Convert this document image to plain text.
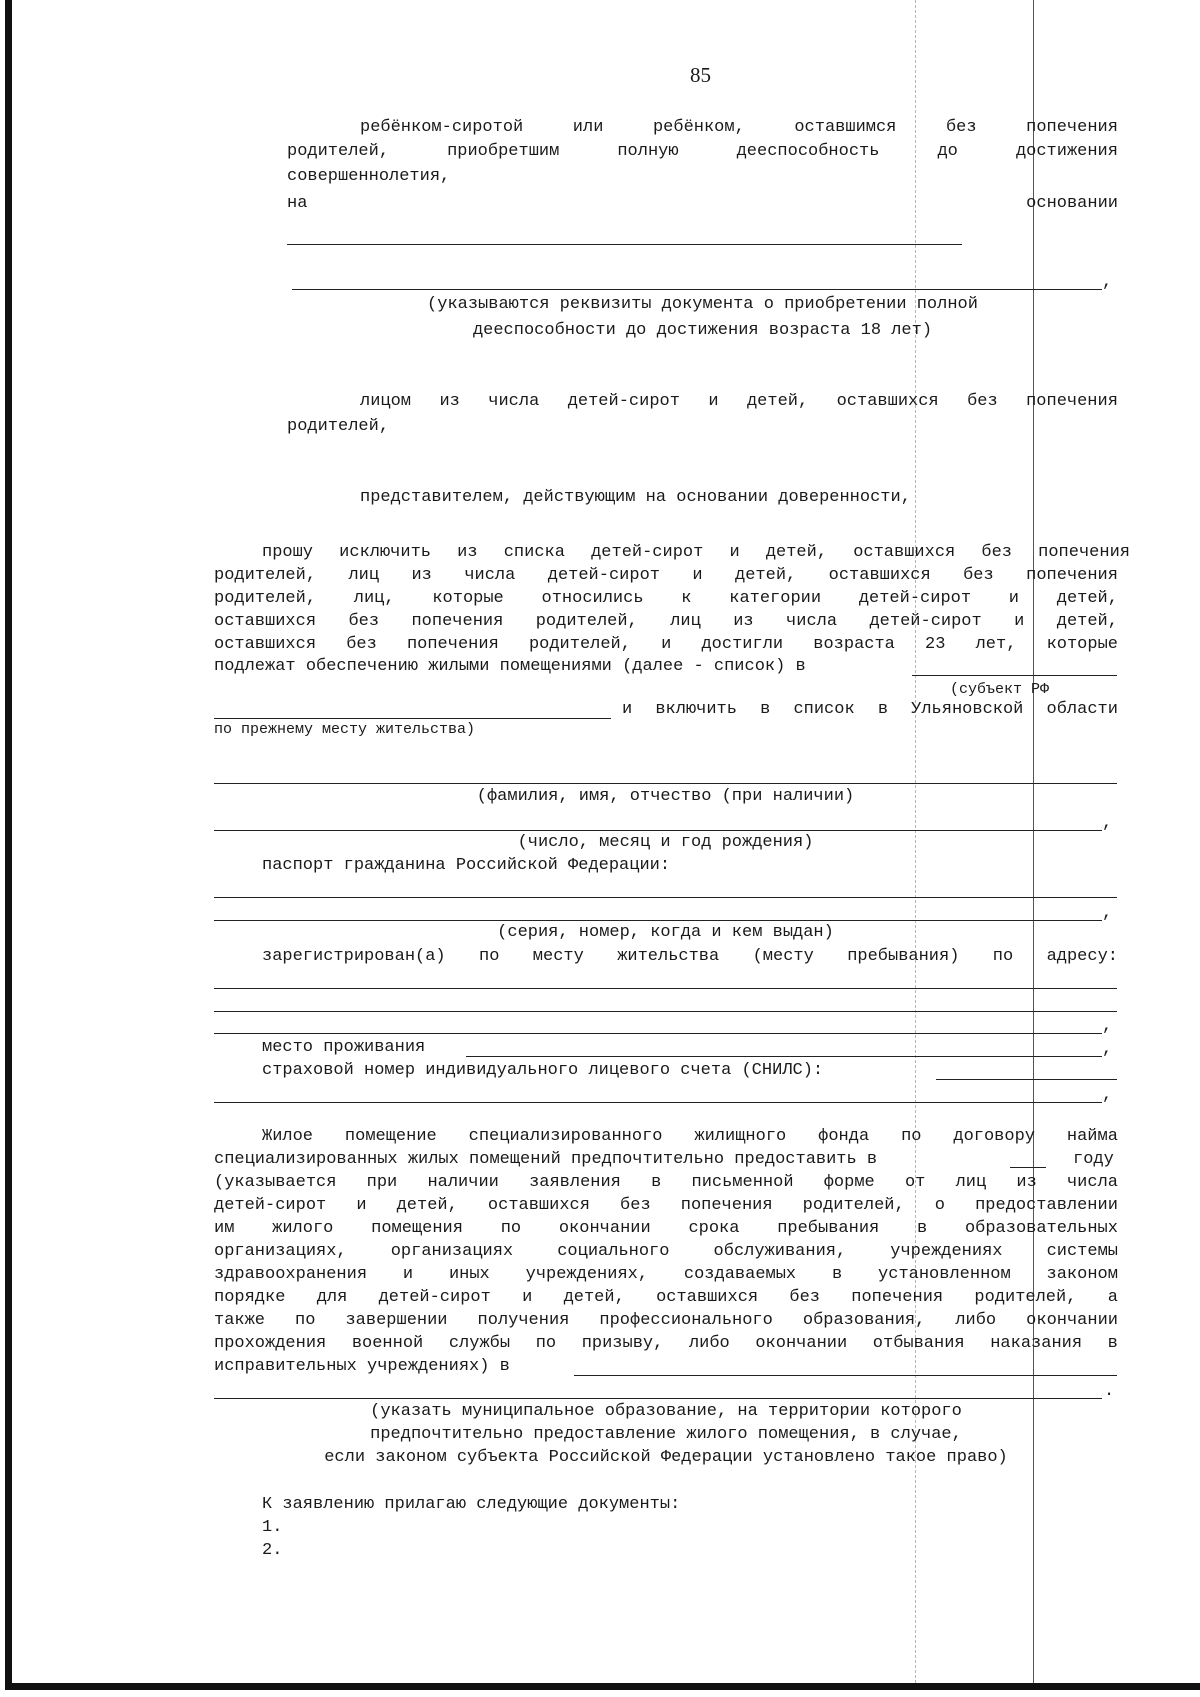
85
ребёнком-сиротой	или	ребёнком,	оставшимся	без	попечения
родителей,	приобретшим	полную	дееспособность	до	достижения
совершеннолетия,
на	основании
,
(указываются реквизиты документа о приобретении полной
дееспособности до достижения возраста 18 лет)
лицом из числа детей-сирот и детей, оставшихся без попечения
родителей,
представителем, действующим на основании доверенности,
прошу исключить из списка детей-сирот и детей, оставшихся без попечения
родителей, лиц из числа детей-сирот и детей, оставшихся без попечения
родителей, лиц, которые относились к категории детей-сирот и детей,
оставшихся без попечения родителей, лиц из числа детей-сирот и детей,
оставшихся без попечения родителей, и достигли возраста 23 лет, которые
подлежат обеспечению жилыми помещениями (далее - список) в
(субъект РФ
и включить в список в Ульяновской области
по прежнему месту жительства)
(фамилия, имя, отчество (при наличии)
,
(число, месяц и год рождения)
паспорт гражданина Российской Федерации:
,
(серия, номер, когда и кем выдан)
зарегистрирован(а) по месту жительства (месту пребывания) по адресу:
,
место проживания	,
страховой номер индивидуального лицевого счета (СНИЛС):
,
Жилое помещение специализированного жилищного фонда по договору найма
специализированных жилых помещений предпочтительно предоставить в	году
(указывается при наличии заявления в письменной форме от лиц из числа
детей-сирот и детей, оставшихся без попечения родителей, о предоставлении
им жилого помещения по окончании срока пребывания в образовательных
организациях,	организациях	социального	обслуживания,	учреждениях	системы
здравоохранения и иных учреждениях, создаваемых в установленном законом
порядке для детей-сирот и детей, оставшихся без попечения родителей, а
также по завершении получения профессионального образования, либо окончании
прохождения военной службы по призыву, либо окончании отбывания наказания в
исправительных учреждениях) в
.
(указать муниципальное образование, на территории которого
предпочтительно предоставление жилого помещения, в случае,
если законом субъекта Российской Федерации установлено такое право)
К заявлению прилагаю следующие документы:
1.
2.
